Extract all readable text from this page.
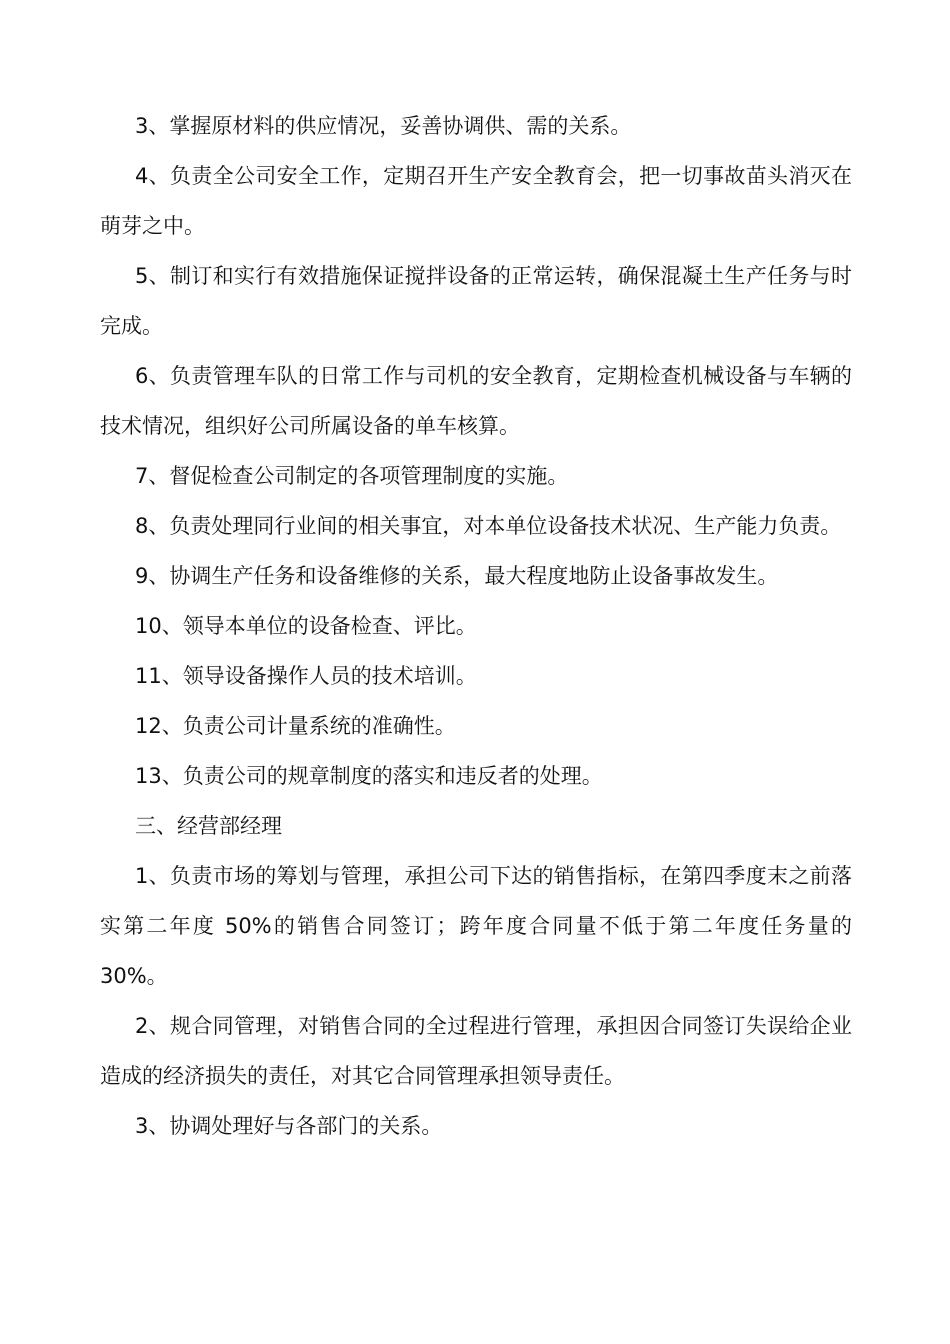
3、掌握原材料的供应情况，妥善协调供、需的关系。

4、负责全公司安全工作，定期召开生产安全教育会，把一切事故苗头消灭在萌芽之中。

5、制订和实行有效措施保证搅拌设备的正常运转，确保混凝土生产任务与时完成。

6、负责管理车队的日常工作与司机的安全教育，定期检查机械设备与车辆的技术情况，组织好公司所属设备的单车核算。

7、督促检查公司制定的各项管理制度的实施。

8、负责处理同行业间的相关事宜，对本单位设备技术状况、生产能力负责。

9、协调生产任务和设备维修的关系，最大程度地防止设备事故发生。

10、领导本单位的设备检查、评比。

11、领导设备操作人员的技术培训。

12、负责公司计量系统的准确性。

13、负责公司的规章制度的落实和违反者的处理。

三、经营部经理

1、负责市场的筹划与管理，承担公司下达的销售指标，在第四季度末之前落实第二年度 50%的销售合同签订；跨年度合同量不低于第二年度任务量的 30%。

2、规合同管理，对销售合同的全过程进行管理，承担因合同签订失误给企业造成的经济损失的责任，对其它合同管理承担领导责任。

3、协调处理好与各部门的关系。
